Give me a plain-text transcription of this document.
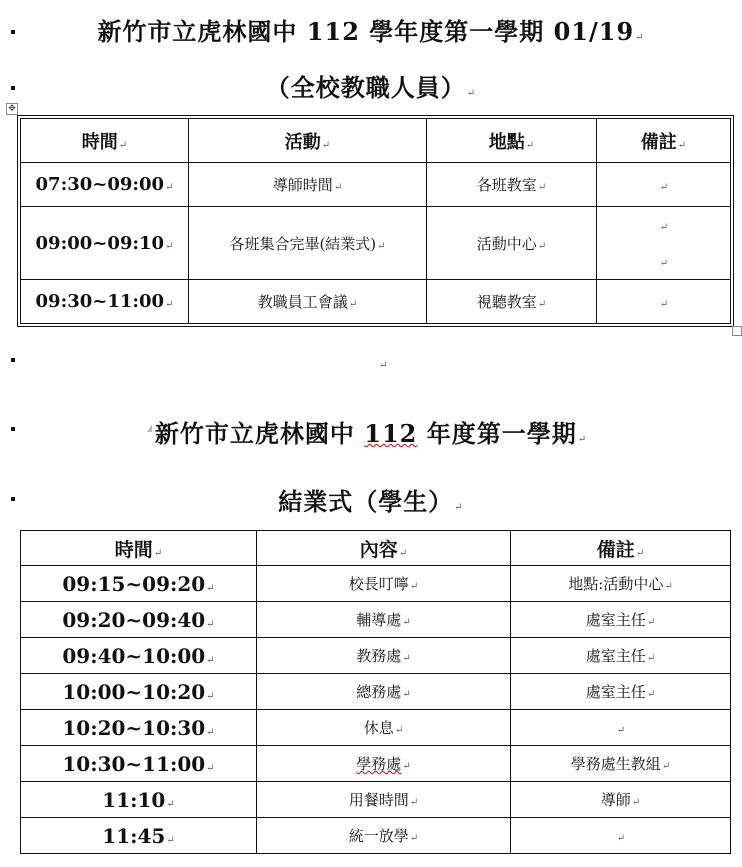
新竹市立虎林國中 112 學年度第一學期 01/19↵
（全校教職人員）↵
✥
時間↵	活動↵	地點↵	備註↵
07:30~09:00↵	導師時間↵	各班教室↵	↵
09:00~09:10↵	各班集合完畢(結業式)↵	活動中心↵	↵

↵
09:30~11:00↵	教職員工會議↵	視聽教室↵	↵
↵
新竹市立虎林國中 112 年度第一學期↵
結業式（學生）↵
時間↵	內容↵	備註↵
09:15~09:20↵	校長叮嚀↵	地點:活動中心↵
09:20~09:40↵	輔導處↵	處室主任↵
09:40~10:00↵	教務處↵	處室主任↵
10:00~10:20↵	總務處↵	處室主任↵
10:20~10:30↵	休息↵	↵
10:30~11:00↵	學務處↵	學務處生教組↵
11:10↵	用餐時間↵	導師↵
11:45↵	統一放學↵	↵
